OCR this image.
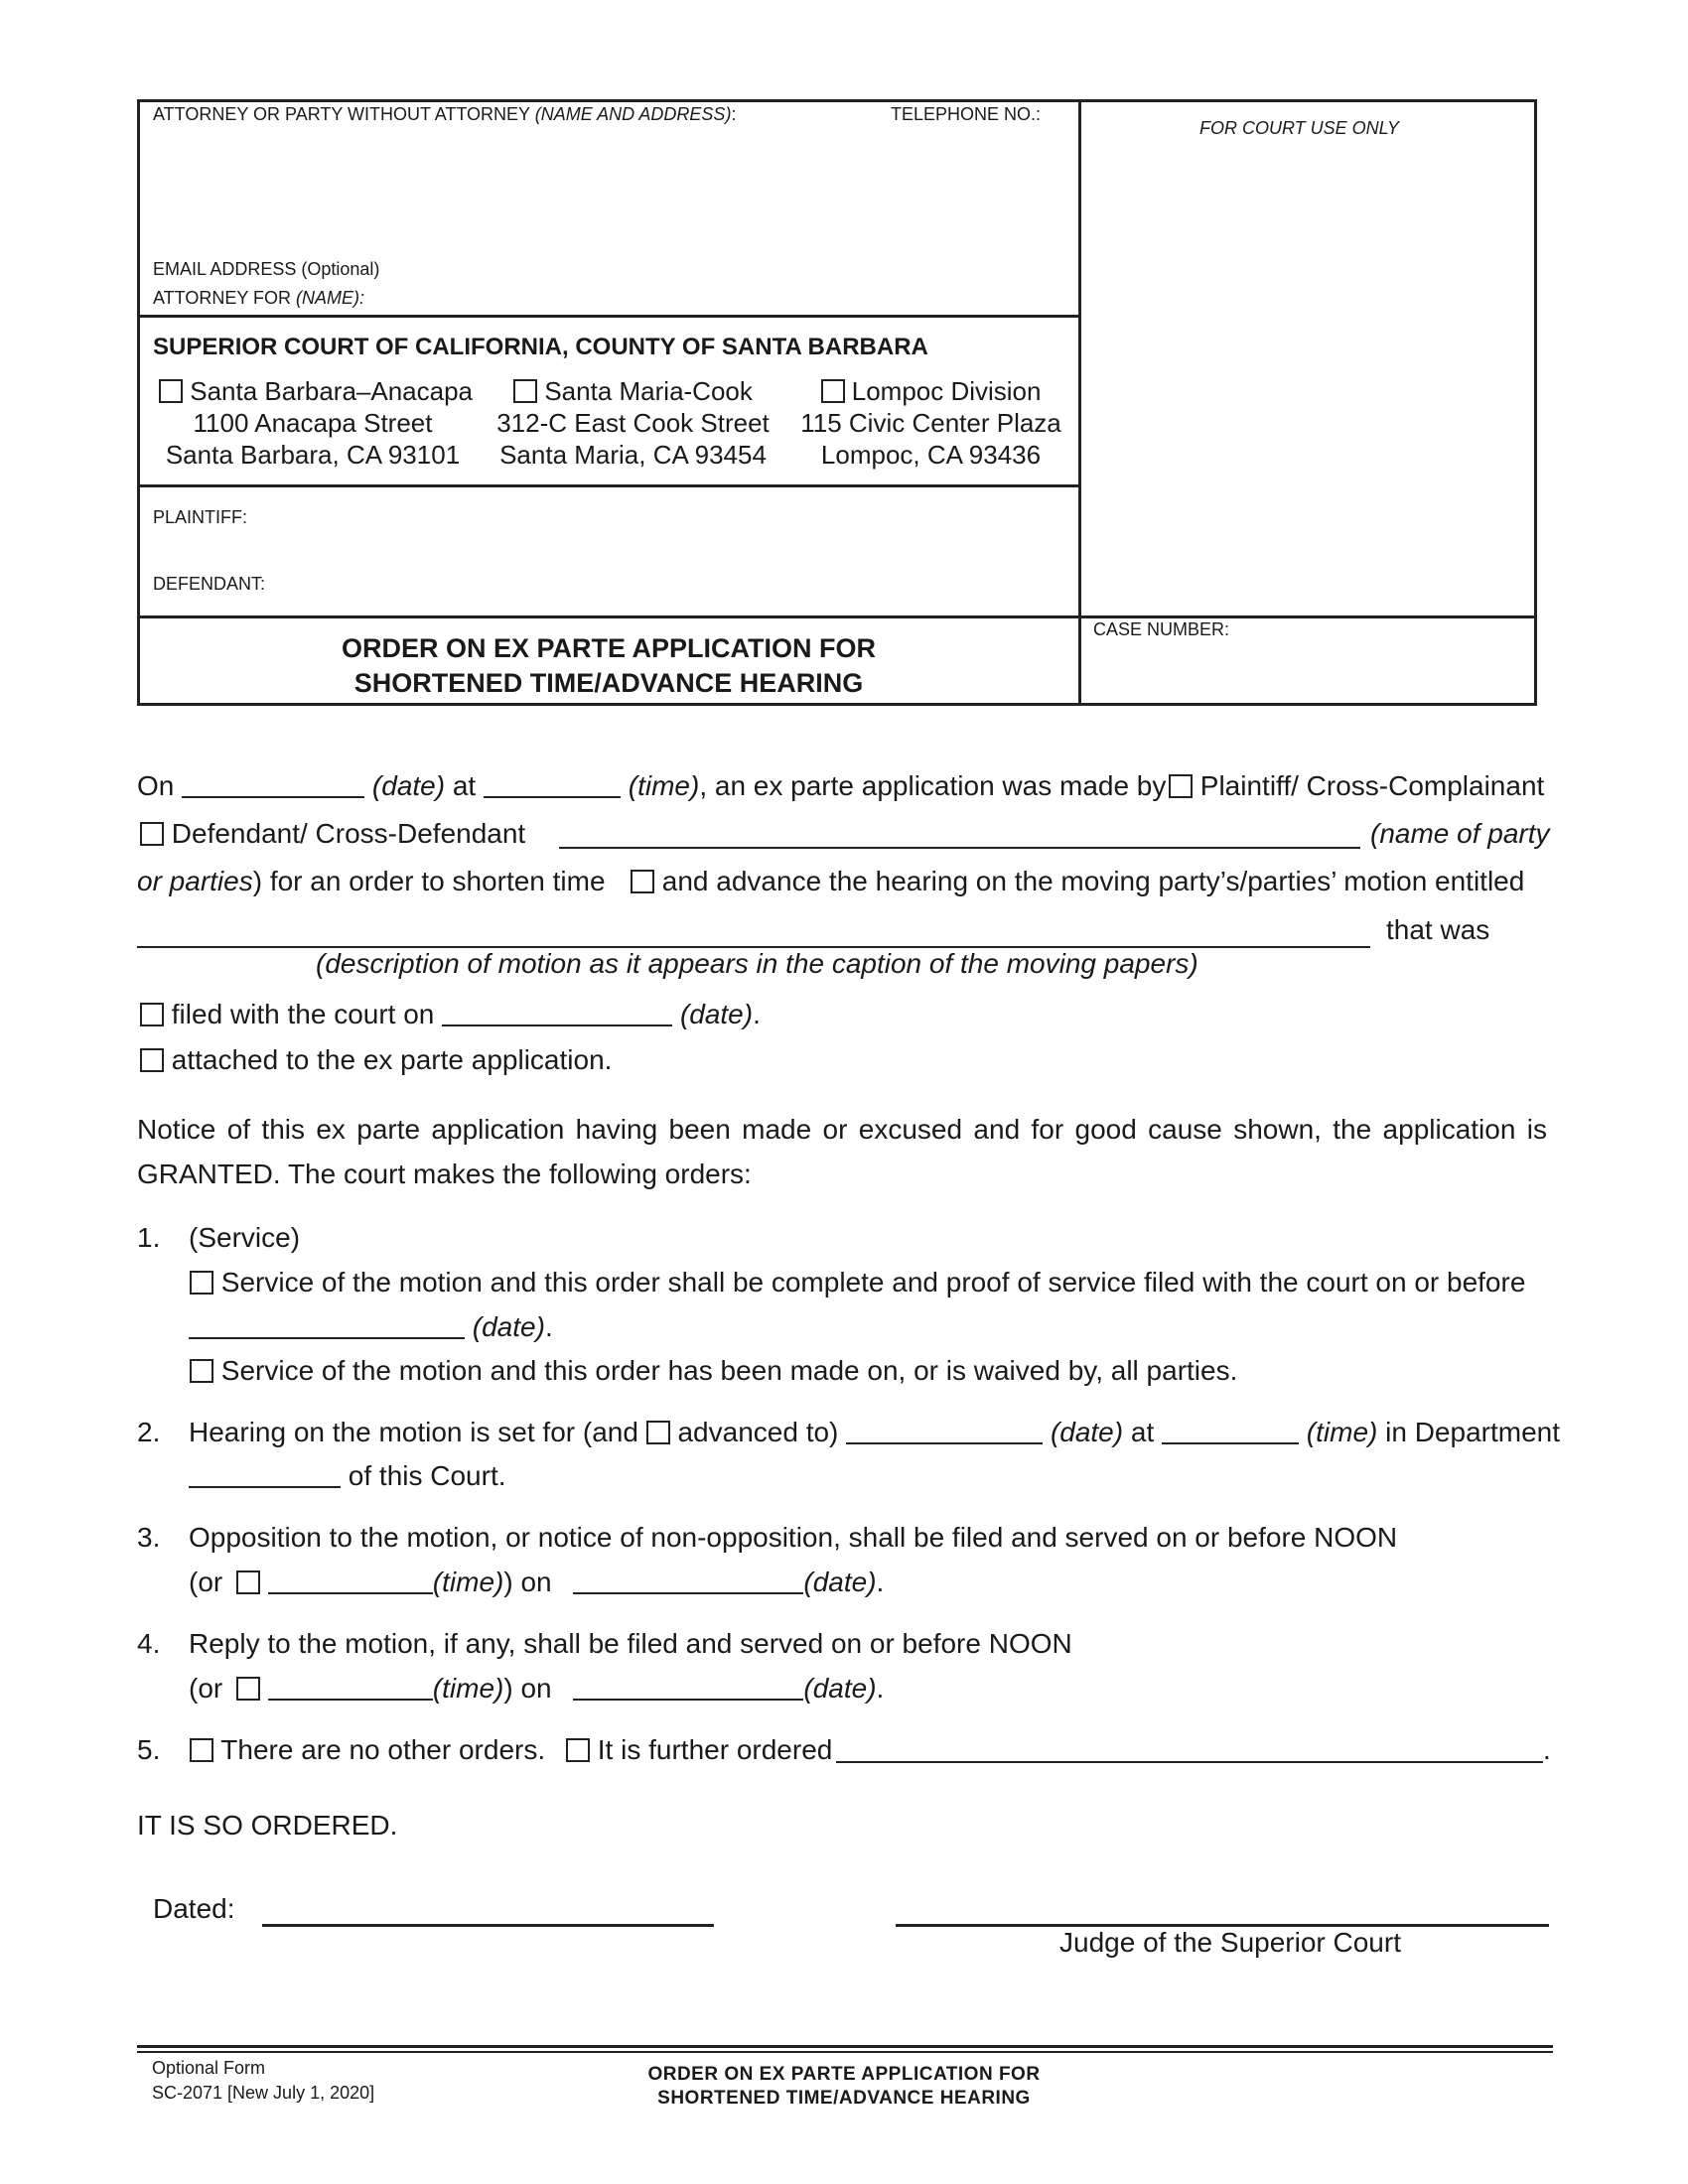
ATTORNEY OR PARTY WITHOUT ATTORNEY (NAME AND ADDRESS):	TELEPHONE NO.:
EMAIL ADDRESS (Optional)
ATTORNEY FOR (NAME):
FOR COURT USE ONLY
SUPERIOR COURT OF CALIFORNIA, COUNTY OF SANTA BARBARA
Santa Barbara–Anacapa
1100 Anacapa Street
Santa Barbara, CA 93101
Santa Maria-Cook
312-C East Cook Street
Santa Maria, CA 93454
Lompoc Division
115 Civic Center Plaza
Lompoc, CA 93436
PLAINTIFF:
DEFENDANT:
ORDER ON EX PARTE APPLICATION FOR
SHORTENED TIME/ADVANCE HEARING
CASE NUMBER:
On	(date) at	(time), an ex parte application was made by	Plaintiff/ Cross-Complainant
Defendant/ Cross-Defendant	(name of party
or parties) for an order to shorten time	and advance the hearing on the moving party’s/parties’ motion entitled
that was
(description of motion as it appears in the caption of the moving papers)
filed with the court on	(date).
attached to the ex parte application.
Notice of this ex parte application having been made or excused and for good cause shown, the application is
GRANTED. The court makes the following orders:
1. (Service)
Service of the motion and this order shall be complete and proof of service filed with the court on or before
(date).
Service of the motion and this order has been made on, or is waived by, all parties.
2. Hearing on the motion is set for (and advanced to)	(date) at	(time) in Department
of this Court.
3. Opposition to the motion, or notice of non-opposition, shall be filed and served on or before NOON
(or	(time)) on	(date).
4. Reply to the motion, if any, shall be filed and served on or before NOON
(or	(time)) on	(date).
5.	There are no other orders.	It is further ordered	.
IT IS SO ORDERED.
Dated:
Judge of the Superior Court
Optional Form
SC-2071 [New July 1, 2020]
ORDER ON EX PARTE APPLICATION FOR
SHORTENED TIME/ADVANCE HEARING
